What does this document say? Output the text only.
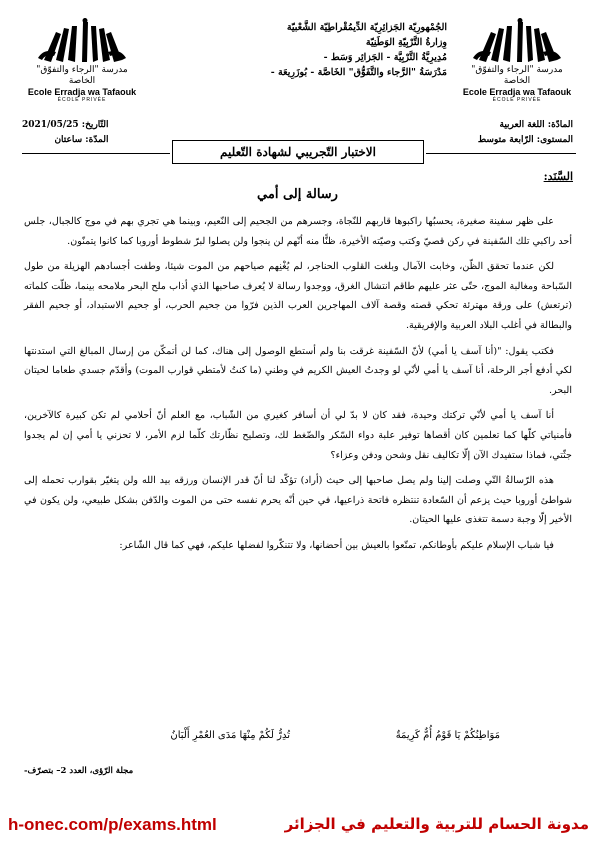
مدرسة "الرجاء والتفوّق" الخاصة
Ecole Erradja wa Tafaouk
ÉCOLE PRIVÉE
الجُمْهورِيّة الجَزائِرِيّة الدِّيمُقْراطِيّة الشَّعْبيّة
وِزارةُ التَّرْبِيّةِ الوَطَنِيّة
مُدِيرِيَّةُ التَّرْبِيَّة - الجَزائِر وَسَط -
مَدْرَسَةُ "الرَّجاء والتَّفَوُّق" الخَاصَّة - بُوزَرِيعَة -	مدرسة "الرجاء والتفوّق" الخاصة
Ecole Erradja wa Tafaouk
ÉCOLE PRIVÉE
المادّة: اللغة العربية
المستوى: الرّابعة متوسط
التّاريخ: 2021/05/25
المدّة: ساعتان
الاختبار التّجريبي لشهادة التّعليم
السَّنَد:
رسالة إلى أمي

على ظهر سفينة صغيرة، يحسبُها راكبوها قاربهم للنّجاة، وجسرهم من الجحيم إلى النّعيم، وبينما هي تجري بهم في موج كالجبال، جلس أحد راكبي تلك السّفينة في ركن قصيّ وكتب وصيّته الأخيرة، ظنًّا منه أنّهم لن ينجوا ولن يصلوا لبرّ شطوط أوروبا كما كانوا يتمنّون.

لكن عندما تحقق الظّن، وخابت الآمال وبلغت القلوب الحناجر، لم يُغْنِهم صياحهم من الموت شيئا، وطفت أجسادهم الهزيلة من طول السّباحة ومغالبة الموج، حتّى عثر عليهم طاقم انتشال الغرق، ووجدوا رسالة لا يُعرف صاحبها الذي أذاب ملح البحر ملامحه بينما، ظلّت كلماته (ترتعش) على ورقة مهترئة تحكي قصته وقصة آلاف المهاجرين العرب الذين فرّوا من جحيم الحرب، أو جحيم الاستبداد، أو جحيم الفقر والبطالة في أغلب البلاد العربية والإفريقية.

فكتب يقول: "(أنا آسف يا أمي) لأنّ السّفينة غرقت بنا ولم أستطع الوصول إلى هناك، كما لن أتمكّن من إرسال المبالغ التي استدنتها لكي أدفع أجر الرحلة، أنا آسف يا أمي لأنّي لو وجدتُ العيش الكريم في وطني (ما كنتُ لأمتطي قوارب الموت) وأقدّم جسدي طعاما لحيتان البحر.

أنا آسف يا أمي لأنّي تركتك وحيدة، فقد كان لا بدّ لي أن أسافر كغيري من الشّباب، مع العلم أنّ أحلامي لم تكن كبيرة كالآخرين، فأمنياتي كلّها كما تعلمين كان أقصاها توفير علبة دواء السّكر والضّغط لك، وتصليح نظّارتك كلّما لزم الأمر، لا تحزني يا أمي إن لم يجدوا جثّتي، فماذا ستفيدك الآن إلّا تكاليف نقل وشحن ودفن وعزاء؟

هذه الرّسالةُ التّي وصلت إلينا ولم يصل صاحبها إلى حيث (أراد) تؤكّد لنا أنّ قدر الإنسان ورزقه بيد الله ولن يتغيّر بقوارب تحمله إلى شواطئ أوروبا حيث يزعم أن السّعادة تنتظره فاتحة ذراعيها، في حين أنّه يحرم نفسه حتى من الموت والدّفن بشكل طبيعي، ولن يكون في الأخير إلّا وجبة دسمة تتغذى عليها الحيتان.

فيا شباب الإسلام عليكم بأوطانكم، تمتّعوا بالعيش بين أحضانها، ولا تتنكّروا لفضلها عليكم، فهي كما قال الشّاعر:

مَوَاطِنُكُمْ يَا قَوْمُ أُمٌّ كَرِيمَةٌ
تُدِرُّ لَكُمْ مِنْهَا مَدَى العُمْرِ أَلْبَانُ
مجلة الرّؤى، العدد 2– بتصرّف-
h-onec.com/p/exams.html	مدونة الحسام للتربية والتعليم في الجزائر
